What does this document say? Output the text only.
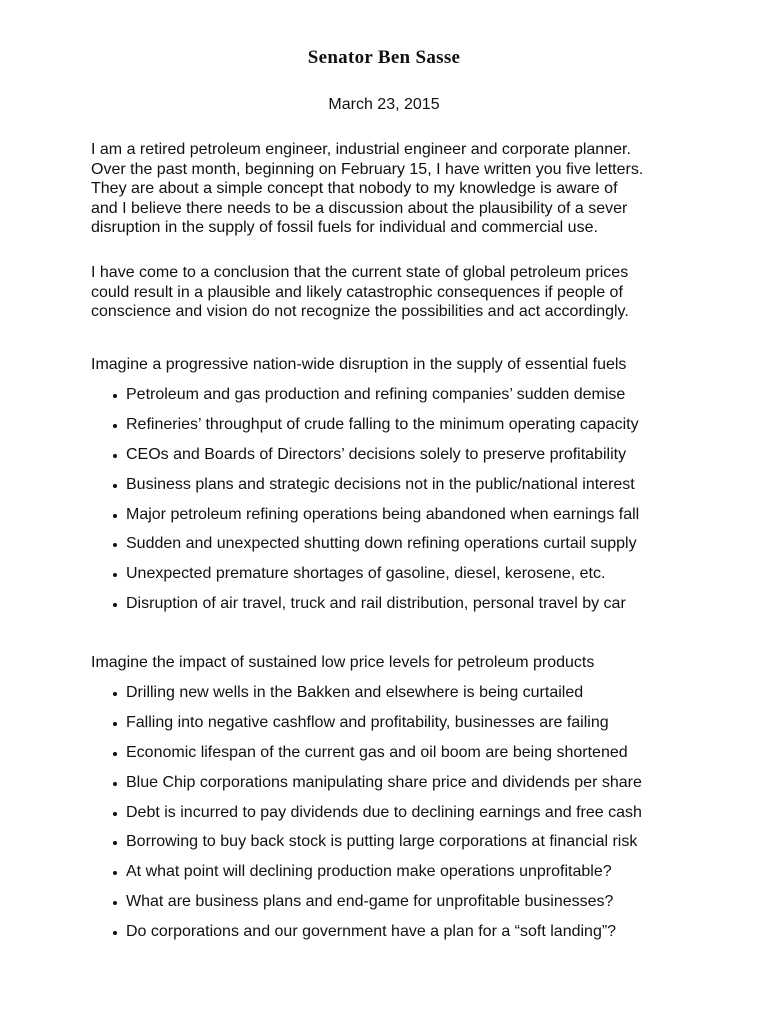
Senator Ben Sasse
March 23, 2015

I am a retired petroleum engineer, industrial engineer and corporate planner.
Over the past month, beginning on February 15, I have written you five letters.
They are about a simple concept that nobody to my knowledge is aware of
and I believe there needs to be a discussion about the plausibility of a sever
disruption in the supply of fossil fuels for individual and commercial use.

I have come to a conclusion that the current state of global petroleum prices
could result in a plausible and likely catastrophic consequences if people of
conscience and vision do not recognize the possibilities and act accordingly.

Imagine a progressive nation-wide disruption in the supply of essential fuels
Petroleum and gas production and refining companies’ sudden demise
Refineries’ throughput of crude falling to the minimum operating capacity
CEOs and Boards of Directors’ decisions solely to preserve profitability
Business plans and strategic decisions not in the public/national interest
Major petroleum refining operations being abandoned when earnings fall
Sudden and unexpected shutting down refining operations curtail supply
Unexpected premature shortages of gasoline, diesel, kerosene, etc.
Disruption of air travel, truck and rail distribution, personal travel by car
Imagine the impact of sustained low price levels for petroleum products
Drilling new wells in the Bakken and elsewhere is being curtailed
Falling into negative cashflow and profitability, businesses are failing
Economic lifespan of the current gas and oil boom are being shortened
Blue Chip corporations manipulating share price and dividends per share
Debt is incurred to pay dividends due to declining earnings and free cash
Borrowing to buy back stock is putting large corporations at financial risk
At what point will declining production make operations unprofitable?
What are business plans and end-game for unprofitable businesses?
Do corporations and our government have a plan for a “soft landing”?
